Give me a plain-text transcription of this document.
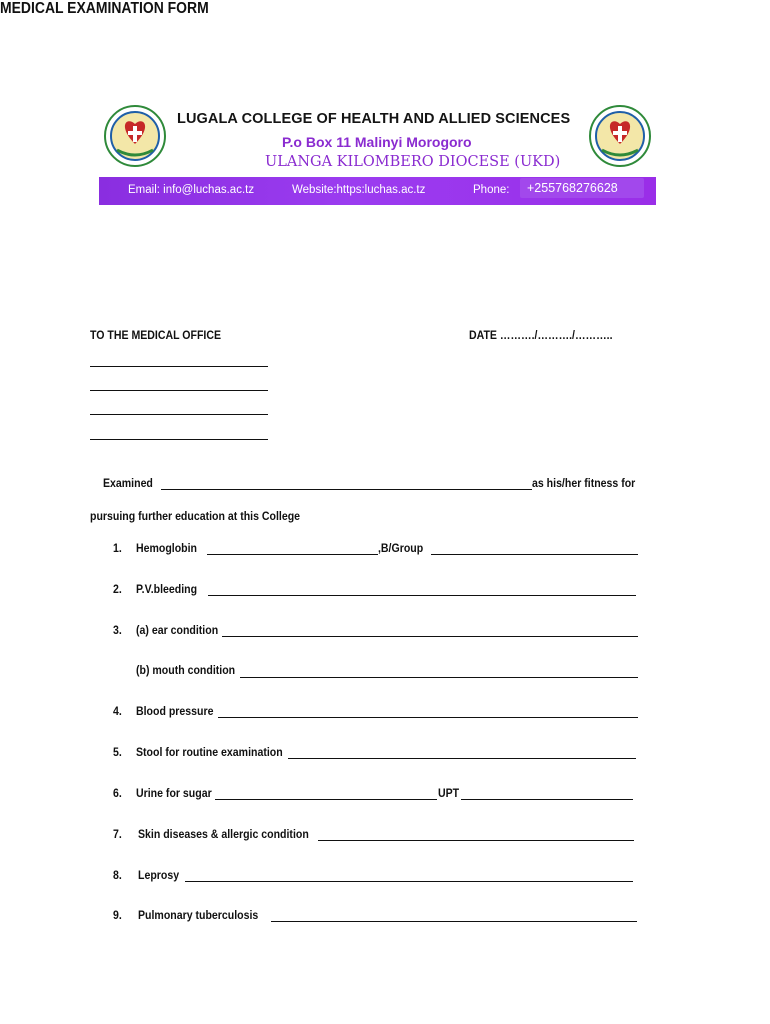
LUGALA COLLEGE OF HEALTH AND ALLIED SCIENCES
P.o Box 11 Malinyi Morogoro
ULANGA KILOMBERO DIOCESE (UKD)
Email: info@luchas.ac.tz	Website:https:luchas.ac.tz	Phone: +255768276628
MEDICAL EXAMINATION FORM
TO THE MEDICAL OFFICE	DATE ………./………./………..
Examined	as his/her fitness for
pursuing further education at this College
1. Hemoglobin	,B/Group
2. P.V.bleeding
3. (a) ear condition
(b) mouth condition
4. Blood pressure
5. Stool for routine examination
6. Urine for sugar	UPT
7. Skin diseases & allergic condition
8. Leprosy
9. Pulmonary tuberculosis
